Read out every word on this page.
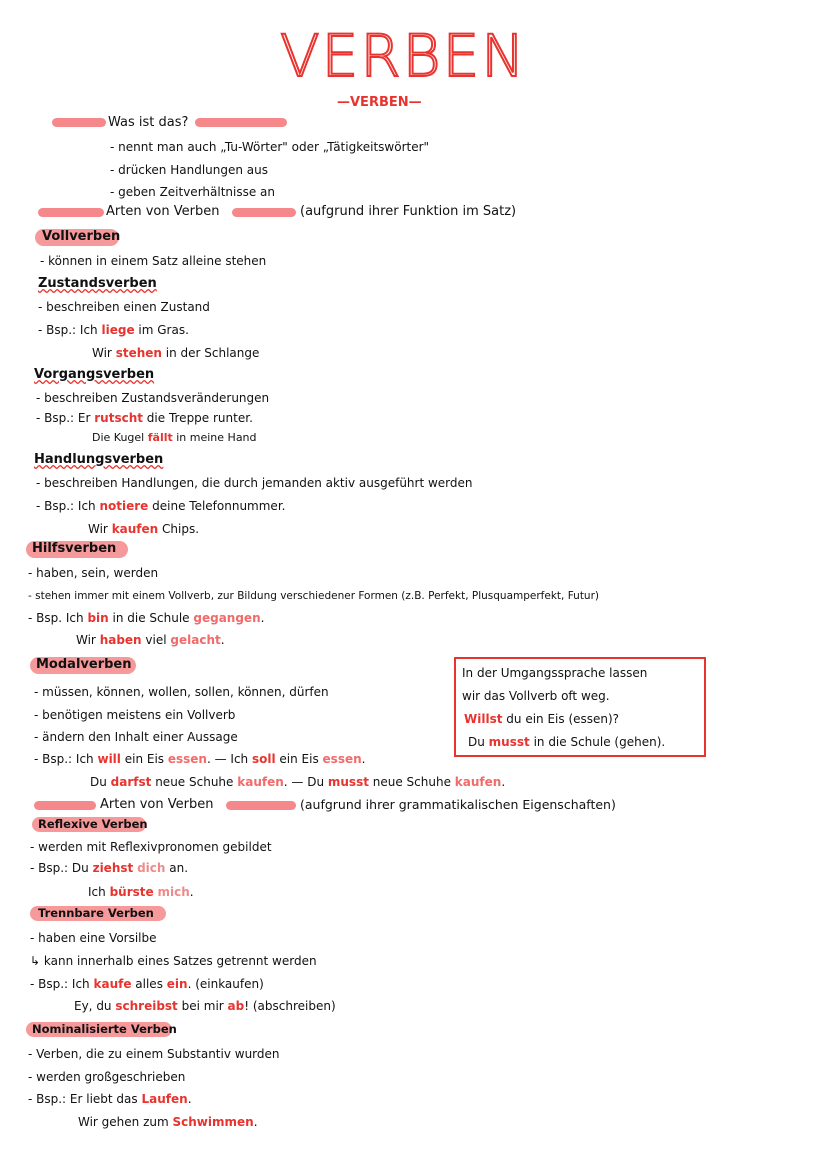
VERBEN
—VERBEN—
Was ist das?
- nennt man auch „Tu-Wörter" oder „Tätigkeitswörter"
- drücken Handlungen aus
- geben Zeitverhältnisse an
Arten von Verben	(aufgrund ihrer Funktion im Satz)
Vollverben
- können in einem Satz alleine stehen
Zustandsverben
- beschreiben einen Zustand
- Bsp.: Ich liege im Gras.
Wir stehen in der Schlange
Vorgangsverben
- beschreiben Zustandsveränderungen
- Bsp.: Er rutscht die Treppe runter.
Die Kugel fällt in meine Hand
Handlungsverben
- beschreiben Handlungen, die durch jemanden aktiv ausgeführt werden
- Bsp.: Ich notiere deine Telefonnummer.
Wir kaufen Chips.
Hilfsverben
- haben, sein, werden
- stehen immer mit einem Vollverb, zur Bildung verschiedener Formen (z.B. Perfekt, Plusquamperfekt, Futur)
- Bsp. Ich bin in die Schule gegangen.
Wir haben viel gelacht.
Modalverben
- müssen, können, wollen, sollen, können, dürfen
- benötigen meistens ein Vollverb
- ändern den Inhalt einer Aussage
- Bsp.: Ich will ein Eis essen. — Ich soll ein Eis essen.
Du darfst neue Schuhe kaufen. — Du musst neue Schuhe kaufen.
In der Umgangssprache lassen
wir das Vollverb oft weg.
Willst du ein Eis (essen)?
Du musst in die Schule (gehen).
Arten von Verben	(aufgrund ihrer grammatikalischen Eigenschaften)
Reflexive Verben
- werden mit Reflexivpronomen gebildet
- Bsp.: Du ziehst dich an.
Ich bürste mich.
Trennbare Verben
- haben eine Vorsilbe
↳ kann innerhalb eines Satzes getrennt werden
- Bsp.: Ich kaufe alles ein. (einkaufen)
Ey, du schreibst bei mir ab! (abschreiben)
Nominalisierte Verben
- Verben, die zu einem Substantiv wurden
- werden großgeschrieben
- Bsp.: Er liebt das Laufen.
Wir gehen zum Schwimmen.
